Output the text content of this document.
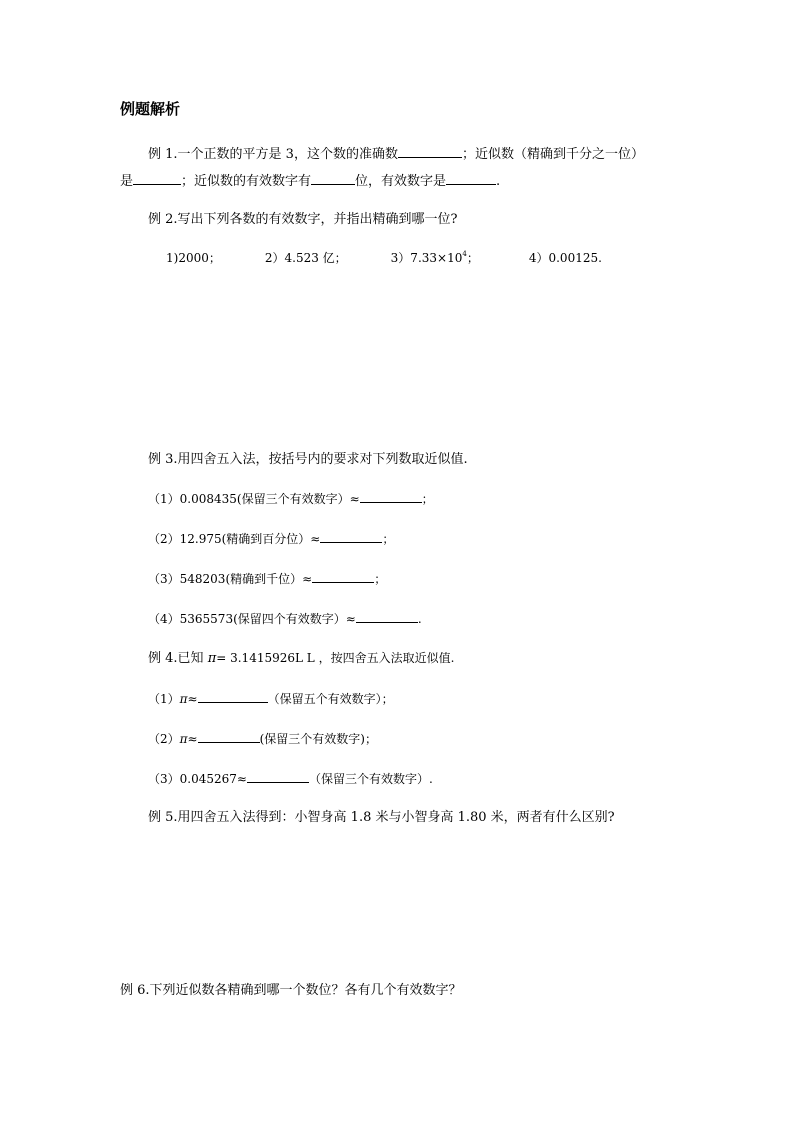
例题解析
例 1.一个正数的平方是 3，这个数的准确数	；近似数（精确到千分之一位）
是	；近似数的有效数字有	位，有效数字是	.
例 2.写出下列各数的有效数字，并指出精确到哪一位?
1)2000；	2）4.523 亿；	$3)7.33\times 10^4$；	4）0.00125.
例 3.用四舍五入法，按括号内的要求对下列数取近似值.
（1）0.008435(保留三个有效数字）≈	；
（2）12.975(精确到百分位）≈	；
（3）548203(精确到千位）≈	；
（4）5365573(保留四个有效数字）≈	.
例 4.已知 π= 3.1415926L L ，按四舍五入法取近似值.
（1）π≈	（保留五个有效数字）；
（2）π≈	(保留三个有效数字)；
（3）0.045267≈	（保留三个有效数字）.
例 5.用四舍五入法得到：小智身高 1.8 米与小智身高 1.80 米，两者有什么区别?
例 6.下列近似数各精确到哪一个数位？各有几个有效数字？
